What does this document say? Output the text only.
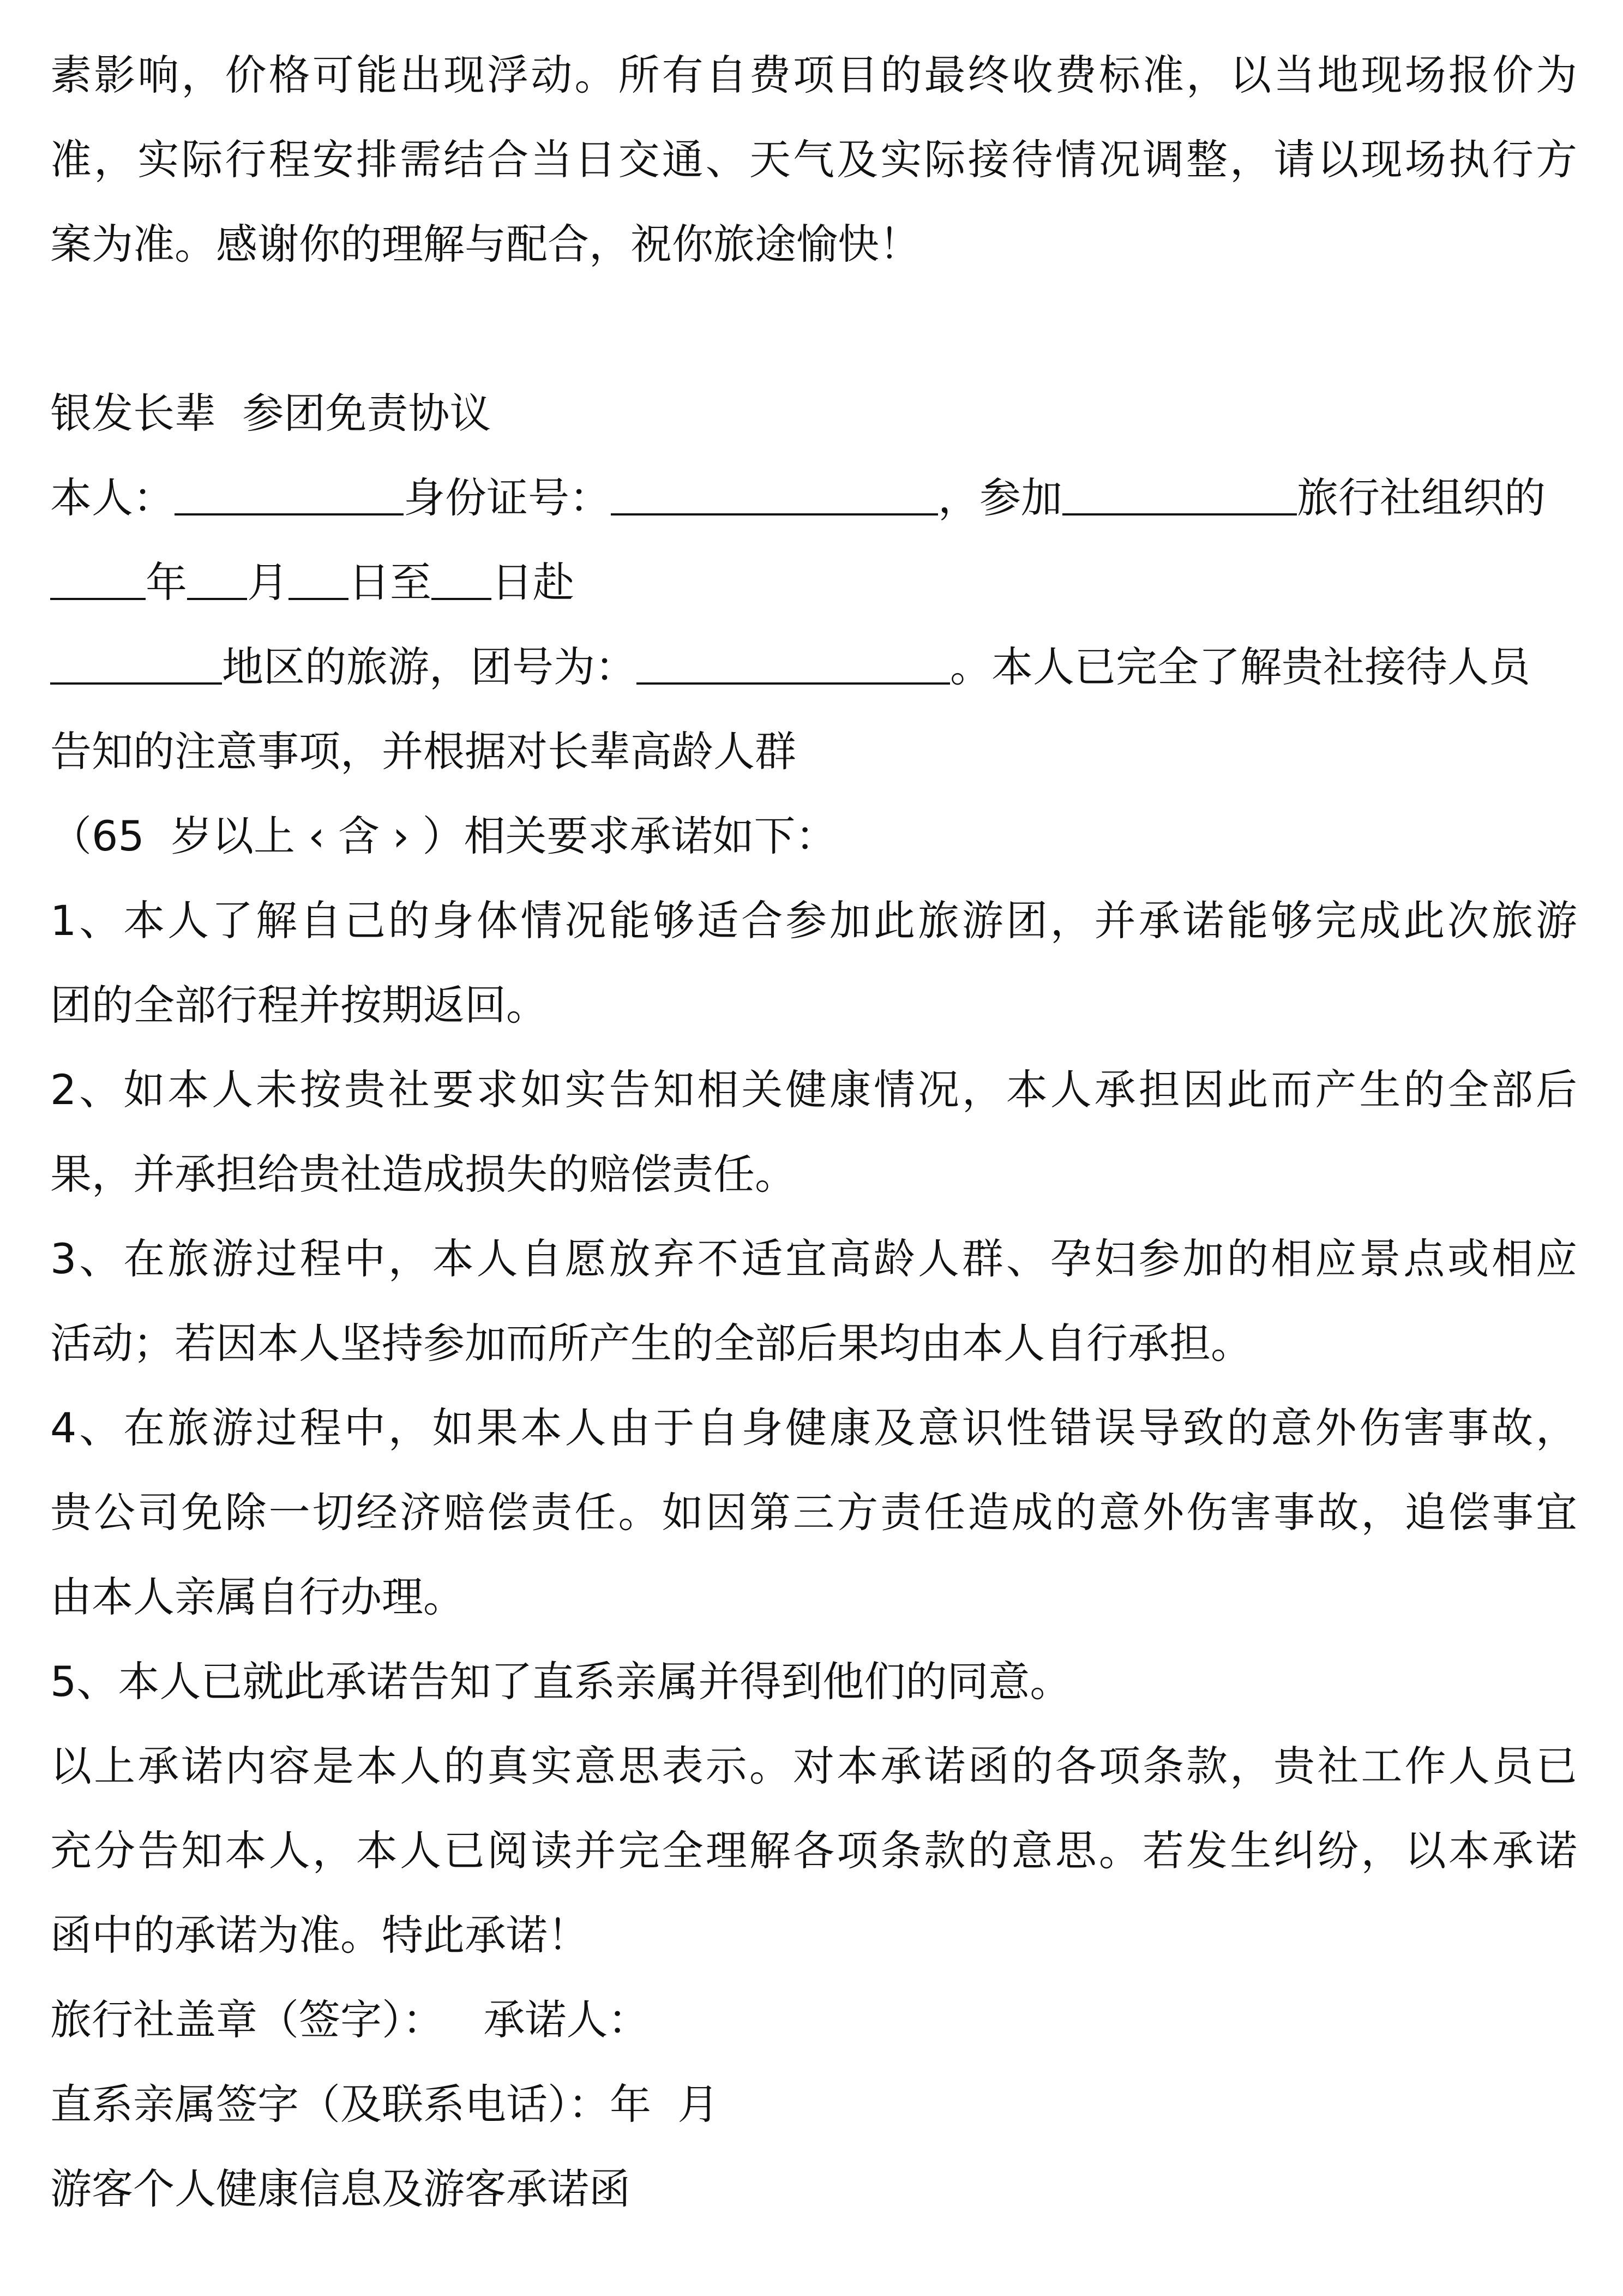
素影响，价格可能出现浮动。所有自费项目的最终收费标准，以当地现场报价为
准，实际行程安排需结合当日交通、天气及实际接待情况调整，请以现场执行方
案为准。感谢你的理解与配合，祝你旅途愉快！
银发长辈  参团免责协议
本人：	身份证号：	，参加	旅行社组织的
年 月 日至 日赴
地区的旅游，团号为：	。本人已完全了解贵社接待人员
告知的注意事项，并根据对长辈高龄人群
（65  岁以上 ‹ 含 › ）相关要求承诺如下：
1、本人了解自己的身体情况能够适合参加此旅游团，并承诺能够完成此次旅游
团的全部行程并按期返回。
2、如本人未按贵社要求如实告知相关健康情况，本人承担因此而产生的全部后
果，并承担给贵社造成损失的赔偿责任。
3、在旅游过程中，本人自愿放弃不适宜高龄人群、孕妇参加的相应景点或相应
活动；若因本人坚持参加而所产生的全部后果均由本人自行承担。
4、在旅游过程中，如果本人由于自身健康及意识性错误导致的意外伤害事故，
贵公司免除一切经济赔偿责任。如因第三方责任造成的意外伤害事故，追偿事宜
由本人亲属自行办理。
5、本人已就此承诺告知了直系亲属并得到他们的同意。
以上承诺内容是本人的真实意思表示。对本承诺函的各项条款，贵社工作人员已
充分告知本人，本人已阅读并完全理解各项条款的意思。若发生纠纷，以本承诺
函中的承诺为准。特此承诺！
旅行社盖章（签字）：   承诺人：
直系亲属签字（及联系电话）：年  月
游客个人健康信息及游客承诺函
